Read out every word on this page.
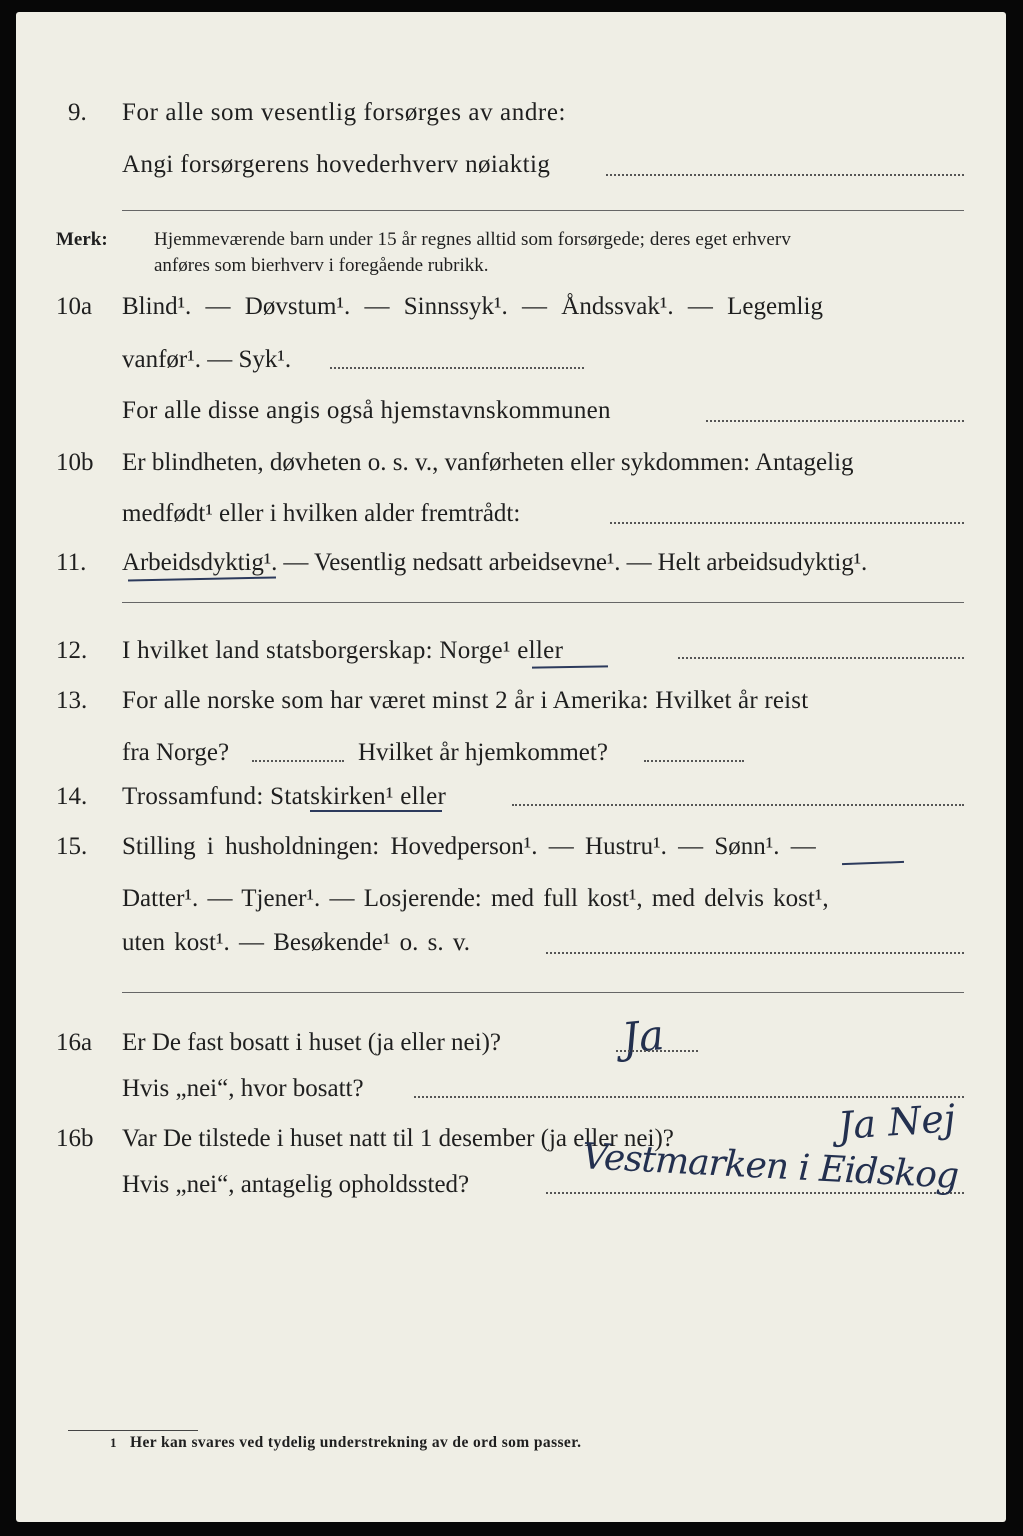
9. For alle som vesentlig forsørges av andre:
Angi forsørgerens hovederhverv nøiaktig
Merk: Hjemmeværende barn under 15 år regnes alltid som forsørgede; deres eget erhverv
anføres som bierhverv i foregående rubrikk.
10a Blind¹. — Døvstum¹. — Sinnssyk¹. — Åndssvak¹. — Legemlig
vanfør¹. — Syk¹.
For alle disse angis også hjemstavnskommunen
10b Er blindheten, døvheten o. s. v., vanførheten eller sykdommen: Antagelig
medfødt¹ eller i hvilken alder fremtrådt:
11. Arbeidsdyktig¹. — Vesentlig nedsatt arbeidsevne¹. — Helt arbeidsudyktig¹.
12. I hvilket land statsborgerskap: Norge¹ eller
13. For alle norske som har været minst 2 år i Amerika: Hvilket år reist
fra Norge?	Hvilket år hjemkommet?
14. Trossamfund: Statskirken¹ eller
15. Stilling i husholdningen: Hovedperson¹. — Hustru¹. — Sønn¹. —
Datter¹. — Tjener¹. — Losjerende: med full kost¹, med delvis kost¹,
uten kost¹. — Besøkende¹ o. s. v.
16a Er De fast bosatt i huset (ja eller nei)?	Ja
Hvis „nei“, hvor bosatt?
16b Var De tilstede i huset natt til 1 desember (ja eller nei)?	Ja Nej
Hvis „nei“, antagelig opholdssted?	Vestmarken i Eidskog
1 Her kan svares ved tydelig understrekning av de ord som passer.
